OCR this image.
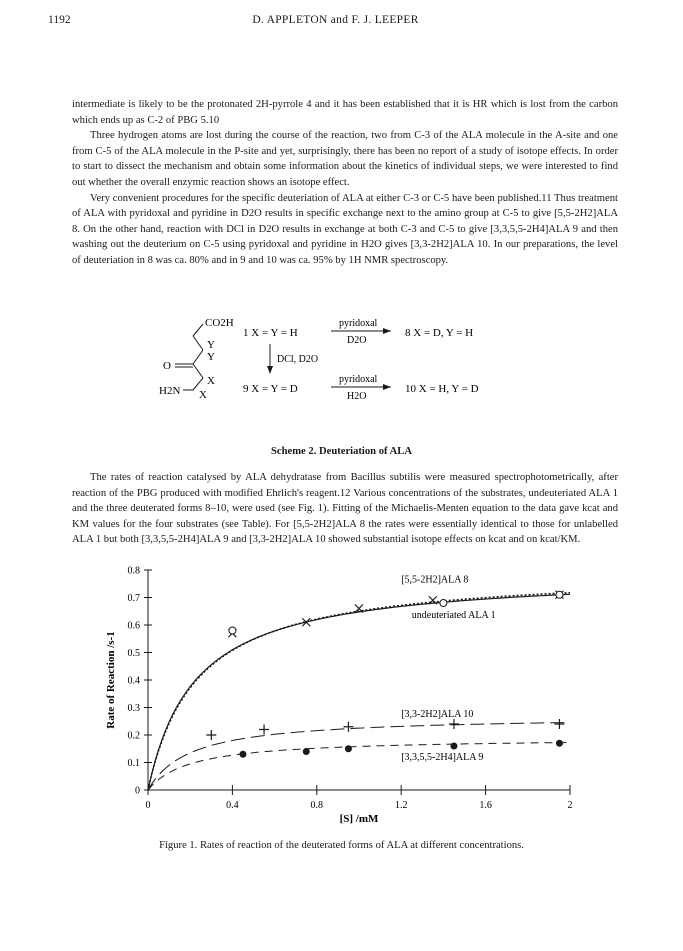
1192	D. APPLETON and F. J. LEEPER

intermediate is likely to be the protonated 2H-pyrrole 4 and it has been established that it is HR which is lost from the carbon which ends up as C-2 of PBG 5.10

Three hydrogen atoms are lost during the course of the reaction, two from C-3 of the ALA molecule in the A-site and one from C-5 of the ALA molecule in the P-site and yet, surprisingly, there has been no report of a study of isotope effects. In order to start to dissect the mechanism and obtain some information about the kinetics of individual steps, we were interested to find out whether the overall enzymic reaction shows an isotope effect.

Very convenient procedures for the specific deuteriation of ALA at either C-3 or C-5 have been published.11 Thus treatment of ALA with pyridoxal and pyridine in D2O results in specific exchange next to the amino group at C-5 to give [5,5-2H2]ALA 8. On the other hand, reaction with DCl in D2O results in exchange at both C-3 and C-5 to give [3,3,5,5-2H4]ALA 9 and then washing out the deuterium on C-5 using pyridoxal and pyridine in H2O gives [3,3-2H2]ALA 10. In our preparations, the level of deuteriation in 8 was ca. 80% and in 9 and 10 was ca. 95% by 1H NMR spectroscopy.

CO2H
Y
Y
O
X
X
H2N
1 X = Y = H
pyridoxal
D2O
8 X = D, Y = H
DCl, D2O
9 X = Y = D
pyridoxal
H2O
10 X = H, Y = D
Scheme 2. Deuteriation of ALA

The rates of reaction catalysed by ALA dehydratase from Bacillus subtilis were measured spectrophotometrically, after reaction of the PBG produced with modified Ehrlich's reagent.12 Various concentrations of the substrates, undeuteriated ALA 1 and the three deuterated forms 8–10, were used (see Fig. 1). Fitting of the Michaelis-Menten equation to the data gave kcat and KM values for the four substrates (see Table). For [5,5-2H2]ALA 8 the rates were essentially identical to those for unlabelled ALA 1 but both [3,3,5,5-2H4]ALA 9 and [3,3-2H2]ALA 10 showed substantial isotope effects on kcat and on kcat/KM.

0	0.4	0.8	1.2	1.6	2
0
0.1
0.2
0.3
0.4
0.5
0.6
0.7
0.8
[S] /mM
Rate of Reaction /s-1
[5,5-2H2]ALA 8
undeuteriated ALA 1
[3,3-2H2]ALA 10
[3,3,5,5-2H4]ALA 9
Figure 1. Rates of reaction of the deuterated forms of ALA at different concentrations.
